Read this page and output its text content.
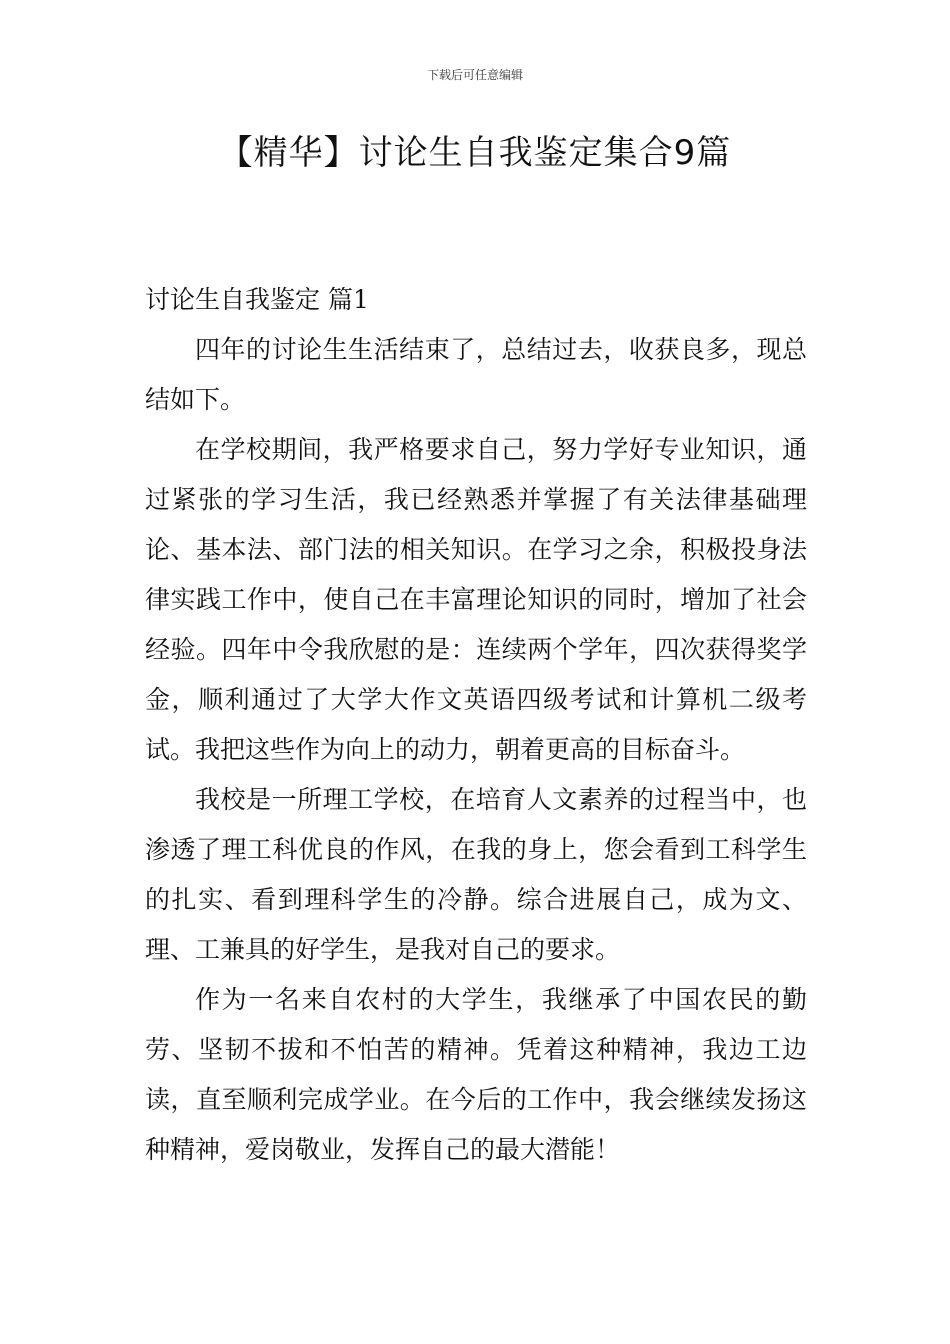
下载后可任意编辑
【精华】讨论生自我鉴定集合9篇

讨论生自我鉴定 篇1

四年的讨论生生活结束了，总结过去，收获良多，现总结如下。

在学校期间，我严格要求自己，努力学好专业知识，通过紧张的学习生活，我已经熟悉并掌握了有关法律基础理论、基本法、部门法的相关知识。在学习之余，积极投身法律实践工作中，使自己在丰富理论知识的同时，增加了社会经验。四年中令我欣慰的是：连续两个学年，四次获得奖学金，顺利通过了大学大作文英语四级考试和计算机二级考试。我把这些作为向上的动力，朝着更高的目标奋斗。

我校是一所理工学校，在培育人文素养的过程当中，也渗透了理工科优良的作风，在我的身上，您会看到工科学生的扎实、看到理科学生的冷静。综合进展自己，成为文、理、工兼具的好学生，是我对自己的要求。

作为一名来自农村的大学生，我继承了中国农民的勤劳、坚韧不拔和不怕苦的精神。凭着这种精神，我边工边读，直至顺利完成学业。在今后的工作中，我会继续发扬这种精神，爱岗敬业，发挥自己的最大潜能！
